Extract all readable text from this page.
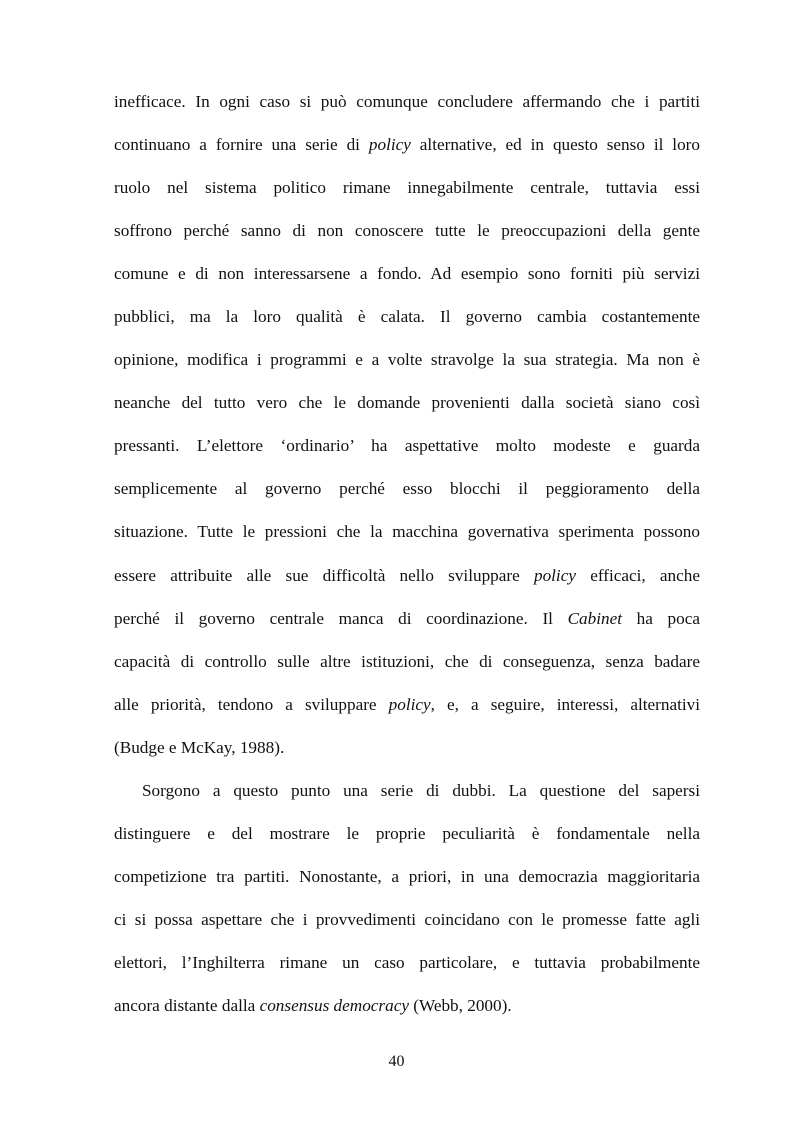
inefficace. In ogni caso si può comunque concludere affermando che i partiti
continuano a fornire una serie di policy alternative, ed in questo senso il loro
ruolo nel sistema politico rimane innegabilmente centrale, tuttavia essi
soffrono perché sanno di non conoscere tutte le preoccupazioni della gente
comune e di non interessarsene a fondo. Ad esempio sono forniti più servizi
pubblici, ma la loro qualità è calata. Il governo cambia costantemente
opinione, modifica i programmi e a volte stravolge la sua strategia. Ma non è
neanche del tutto vero che le domande provenienti dalla società siano così
pressanti. L’elettore ‘ordinario’ ha aspettative molto modeste e guarda
semplicemente al governo perché esso blocchi il peggioramento della
situazione. Tutte le pressioni che la macchina governativa sperimenta possono
essere attribuite alle sue difficoltà nello sviluppare policy efficaci, anche
perché il governo centrale manca di coordinazione. Il Cabinet ha poca
capacità di controllo sulle altre istituzioni, che di conseguenza, senza badare
alle priorità, tendono a sviluppare policy, e, a seguire, interessi, alternativi
(Budge e McKay, 1988).
Sorgono a questo punto una serie di dubbi. La questione del sapersi
distinguere e del mostrare le proprie peculiarità è fondamentale nella
competizione tra partiti. Nonostante, a priori, in una democrazia maggioritaria
ci si possa aspettare che i provvedimenti coincidano con le promesse fatte agli
elettori, l’Inghilterra rimane un caso particolare, e tuttavia probabilmente
ancora distante dalla consensus democracy (Webb, 2000).
40
